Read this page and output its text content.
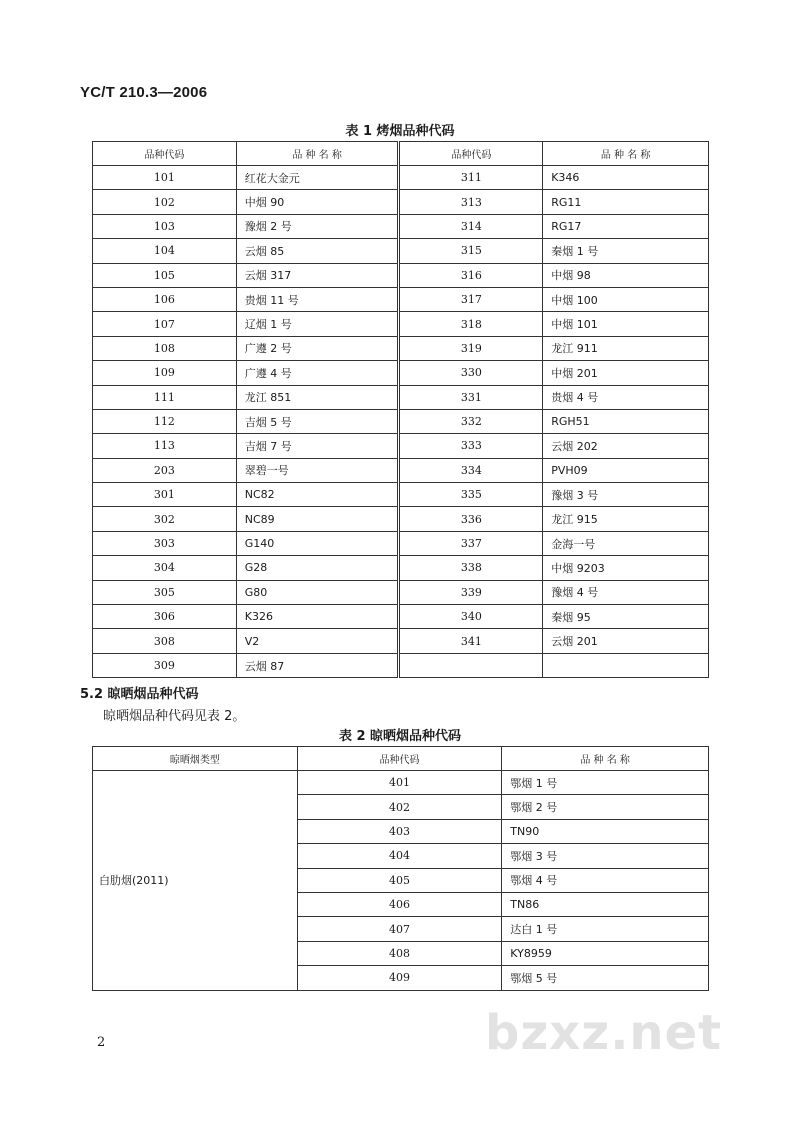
YC/T 210.3—2006
表 1 烤烟品种代码
品种代码	品 种 名 称	品种代码	品 种 名 称
101	红花大金元	311	K346
102	中烟 90	313	RG11
103	豫烟 2 号	314	RG17
104	云烟 85	315	秦烟 1 号
105	云烟 317	316	中烟 98
106	贵烟 11 号	317	中烟 100
107	辽烟 1 号	318	中烟 101
108	广遵 2 号	319	龙江 911
109	广遵 4 号	330	中烟 201
111	龙江 851	331	贵烟 4 号
112	吉烟 5 号	332	RGH51
113	吉烟 7 号	333	云烟 202
203	翠碧一号	334	PVH09
301	NC82	335	豫烟 3 号
302	NC89	336	龙江 915
303	G140	337	金海一号
304	G28	338	中烟 9203
305	G80	339	豫烟 4 号
306	K326	340	秦烟 95
308	V2	341	云烟 201
309	云烟 87		
5.2 晾晒烟品种代码
晾晒烟品种代码见表 2。
表 2 晾晒烟品种代码
晾晒烟类型	品种代码	品 种 名 称
白肋烟(2011)	401	鄂烟 1 号
	402	鄂烟 2 号
	403	TN90
	404	鄂烟 3 号
	405	鄂烟 4 号
	406	TN86
	407	达白 1 号
	408	KY8959
	409	鄂烟 5 号
2	bzxz.net
